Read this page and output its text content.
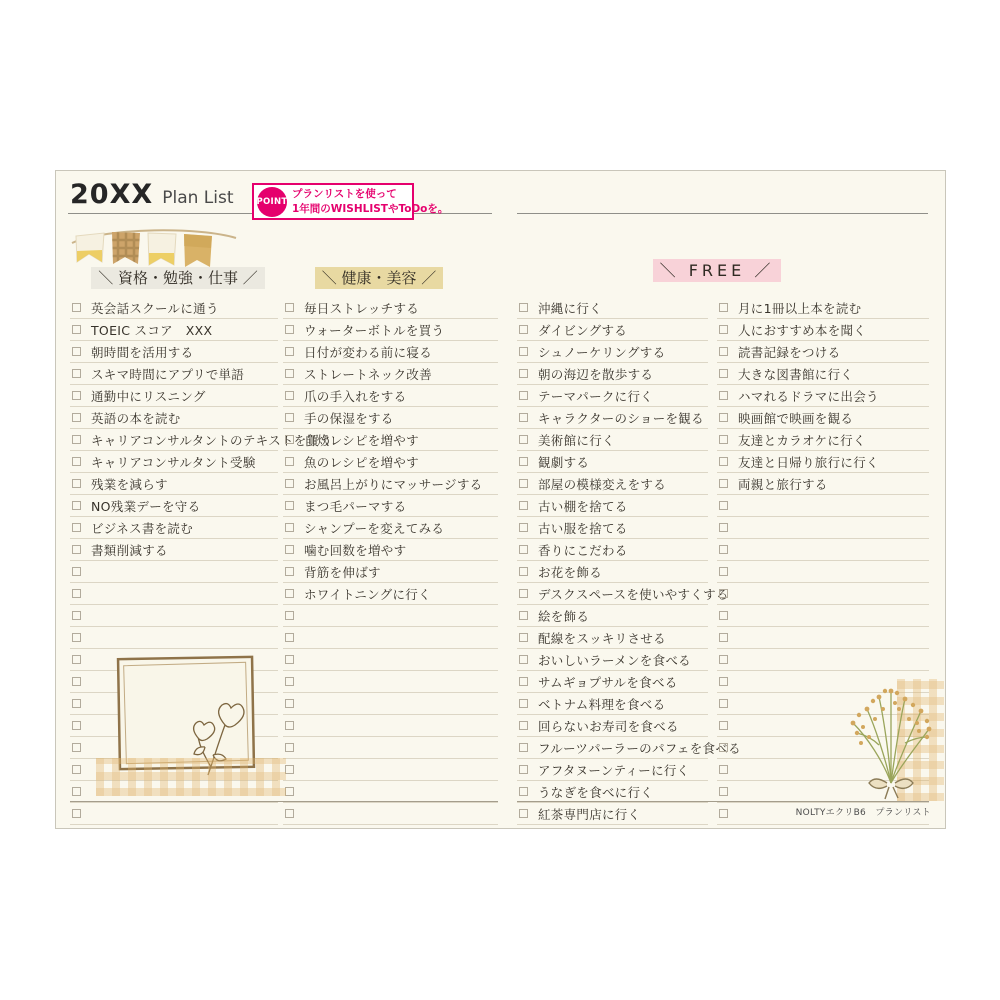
20XX Plan List	POINT
プランリストを使って
1年間のWISHLISTやToDoを。
＼ 資格・勉強・仕事 ／	＼ 健康・美容 ／	＼ FREE ／
英会話スクールに通う
TOEIC スコア　XXX
朝時間を活用する
スキマ時間にアプリで単語
通勤中にリスニング
英語の本を読む
キャリアコンサルタントのテキストを買う
キャリアコンサルタント受験
残業を減らす
NO残業デーを守る
ビジネス書を読む
書類削減する
毎日ストレッチする
ウォーターボトルを買う
日付が変わる前に寝る
ストレートネック改善
爪の手入れをする
手の保湿をする
自炊レシピを増やす
魚のレシピを増やす
お風呂上がりにマッサージする
まつ毛パーマする
シャンプーを変えてみる
噛む回数を増やす
背筋を伸ばす
ホワイトニングに行く
沖縄に行く
ダイビングする
シュノーケリングする
朝の海辺を散歩する
テーマパークに行く
キャラクターのショーを観る
美術館に行く
観劇する
部屋の模様変えをする
古い棚を捨てる
古い服を捨てる
香りにこだわる
お花を飾る
デスクスペースを使いやすくする
絵を飾る
配線をスッキリさせる
おいしいラーメンを食べる
サムギョプサルを食べる
ベトナム料理を食べる
回らないお寿司を食べる
フルーツパーラーのパフェを食べる
アフタヌーンティーに行く
うなぎを食べに行く
紅茶専門店に行く
月に1冊以上本を読む
人におすすめ本を聞く
読書記録をつける
大きな図書館に行く
ハマれるドラマに出会う
映画館で映画を観る
友達とカラオケに行く
友達と日帰り旅行に行く
両親と旅行する
NOLTYエクリB6　プランリスト
